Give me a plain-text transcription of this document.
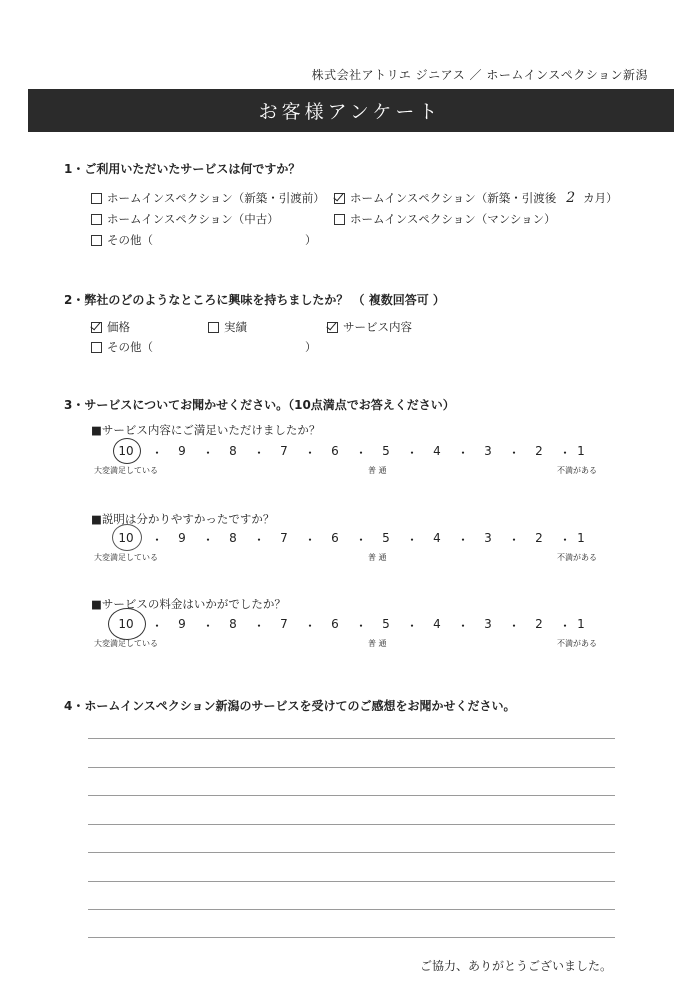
株式会社アトリエ ジニアス ／ ホームインスペクション新潟
お客様アンケート
1・ご利用いただいたサービスは何ですか？
ホームインスペクション（新築・引渡前） ホームインスペクション（新築・引渡後 2 カ月）
ホームインスペクション（中古）	ホームインスペクション（マンション）
その他（	）
2・弊社のどのようなところに興味を持ちましたか？ （ 複数回答可 ）
価格	実績	サービス内容
その他（	）
3・サービスについてお聞かせください。（10点満点でお答えください）
■サービス内容にご満足いただけましたか？
10 ・	9	・	8	・	7	・	6	・	5	・	4	・	3	・	2	・ 1
大変満足している	普 通	不満がある
■説明は分かりやすかったですか？
10 ・	9	・	8	・	7	・	6	・	5	・	4	・	3	・	2	・ 1
大変満足している	普 通	不満がある
■サービスの料金はいかがでしたか？
10 ・	9	・	8	・	7	・	6	・	5	・	4	・	3	・	2	・ 1
大変満足している	普 通	不満がある
4・ホームインスペクション新潟のサービスを受けてのご感想をお聞かせください。
ご協力、ありがとうございました。
